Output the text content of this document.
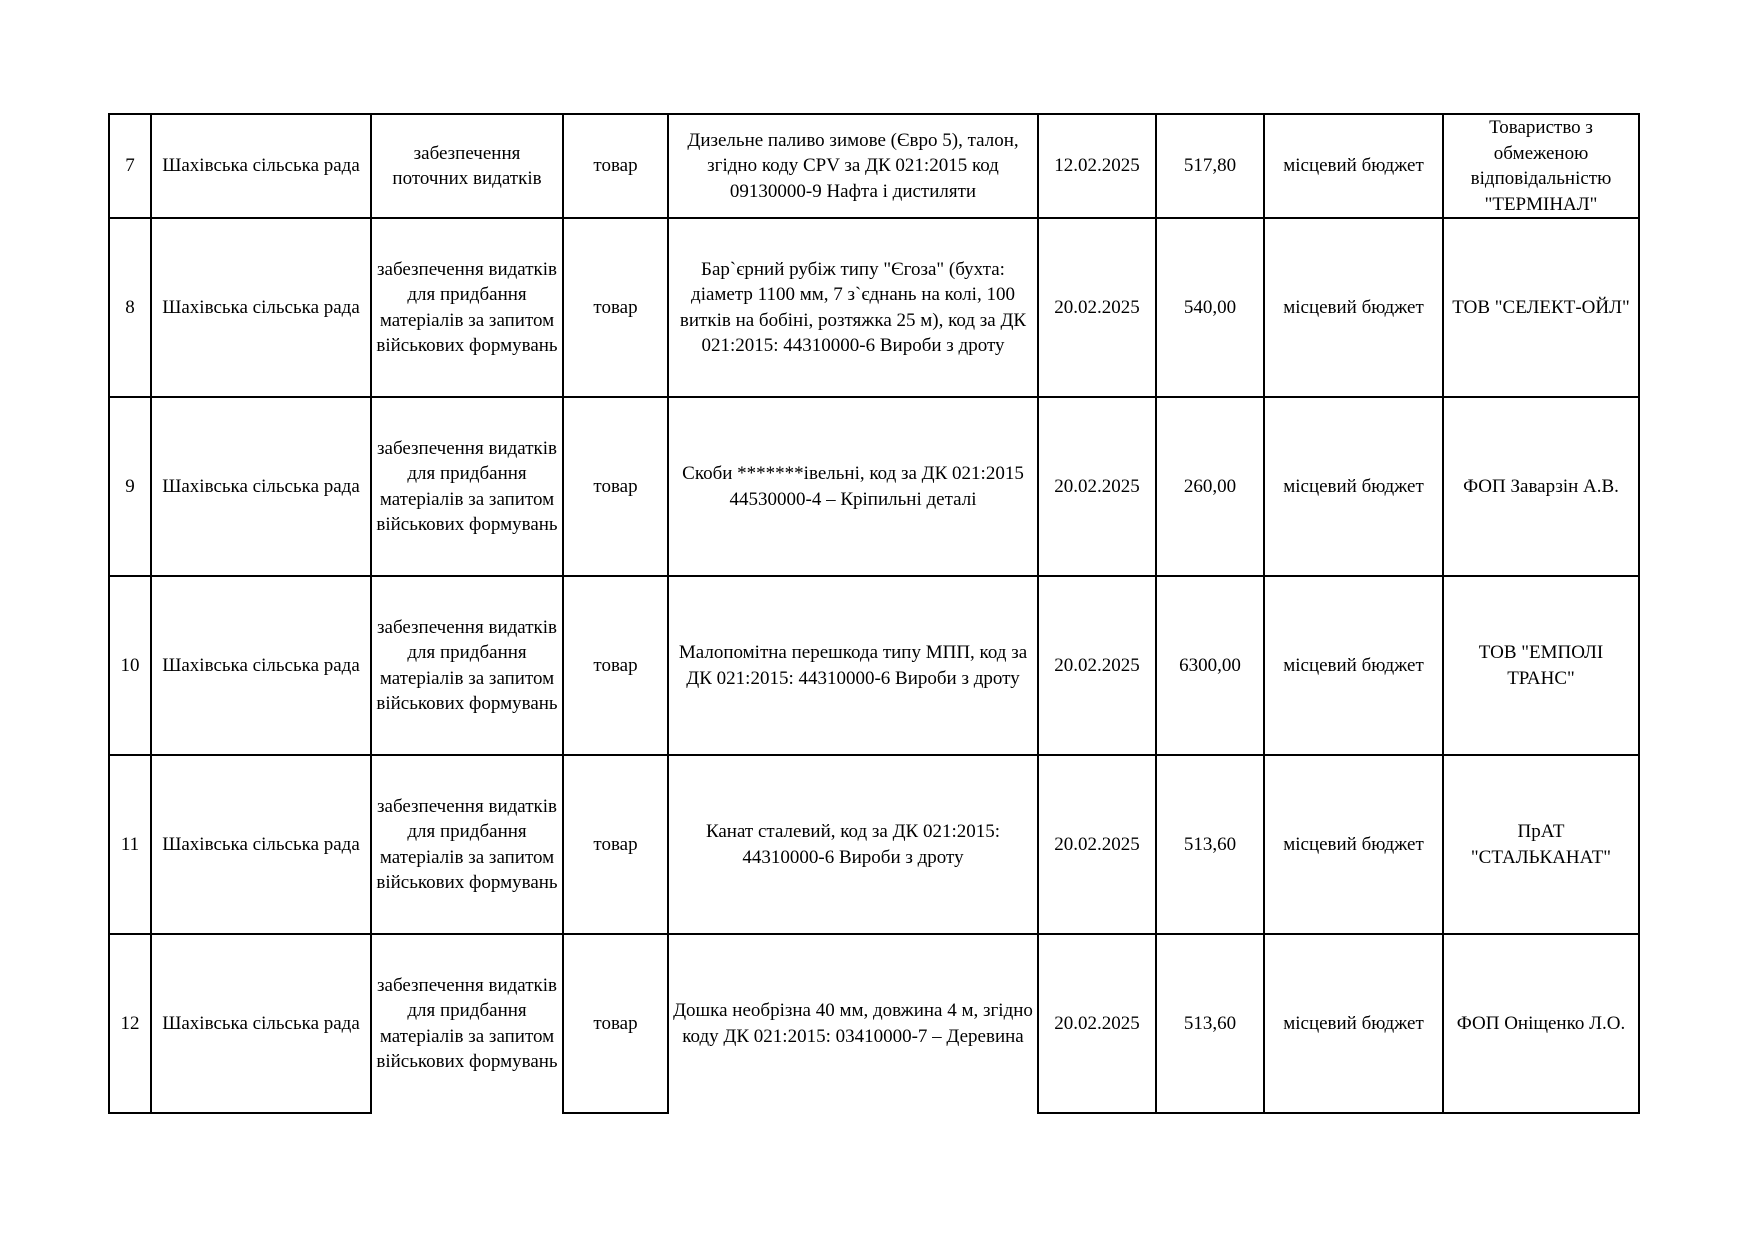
7	Шахівська сільська рада	забезпечення поточних видатків	товар	Дизельне паливо зимове (Євро 5), талон, згідно коду CPV за ДК 021:2015 код 09130000-9 Нафта і дистиляти	12.02.2025	517,80	місцевий бюджет	Товариство з обмеженою відповідальністю "ТЕРМІНАЛ"
8	Шахівська сільська рада	забезпечення видатків для придбання матеріалів за запитом військових формувань	товар	Бар`єрний рубіж типу "Єгоза" (бухта: діаметр 1100 мм, 7 з`єднань на колі, 100 витків на бобіні, розтяжка 25 м), код за ДК 021:2015: 44310000-6 Вироби з дроту	20.02.2025	540,00	місцевий бюджет	ТОВ "СЕЛЕКТ-ОЙЛ"
9	Шахівська сільська рада	забезпечення видатків для придбання матеріалів за запитом військових формувань	товар	Скоби *******івельні, код за ДК 021:2015 44530000-4 – Кріпильні деталі	20.02.2025	260,00	місцевий бюджет	ФОП Заварзін А.В.
10	Шахівська сільська рада	забезпечення видатків для придбання матеріалів за запитом військових формувань	товар	Малопомітна перешкода типу МПП, код за ДК 021:2015: 44310000-6 Вироби з дроту	20.02.2025	6300,00	місцевий бюджет	ТОВ "ЕМПОЛІ ТРАНС"
11	Шахівська сільська рада	забезпечення видатків для придбання матеріалів за запитом військових формувань	товар	Канат сталевий, код за ДК 021:2015: 44310000-6 Вироби з дроту	20.02.2025	513,60	місцевий бюджет	ПрАТ "СТАЛЬКАНАТ"
12	Шахівська сільська рада	забезпечення видатків для придбання матеріалів за запитом військових формувань	товар	Дошка необрізна 40 мм, довжина 4 м, згідно коду ДК 021:2015: 03410000-7 – Деревина	20.02.2025	513,60	місцевий бюджет	ФОП Оніщенко Л.О.
